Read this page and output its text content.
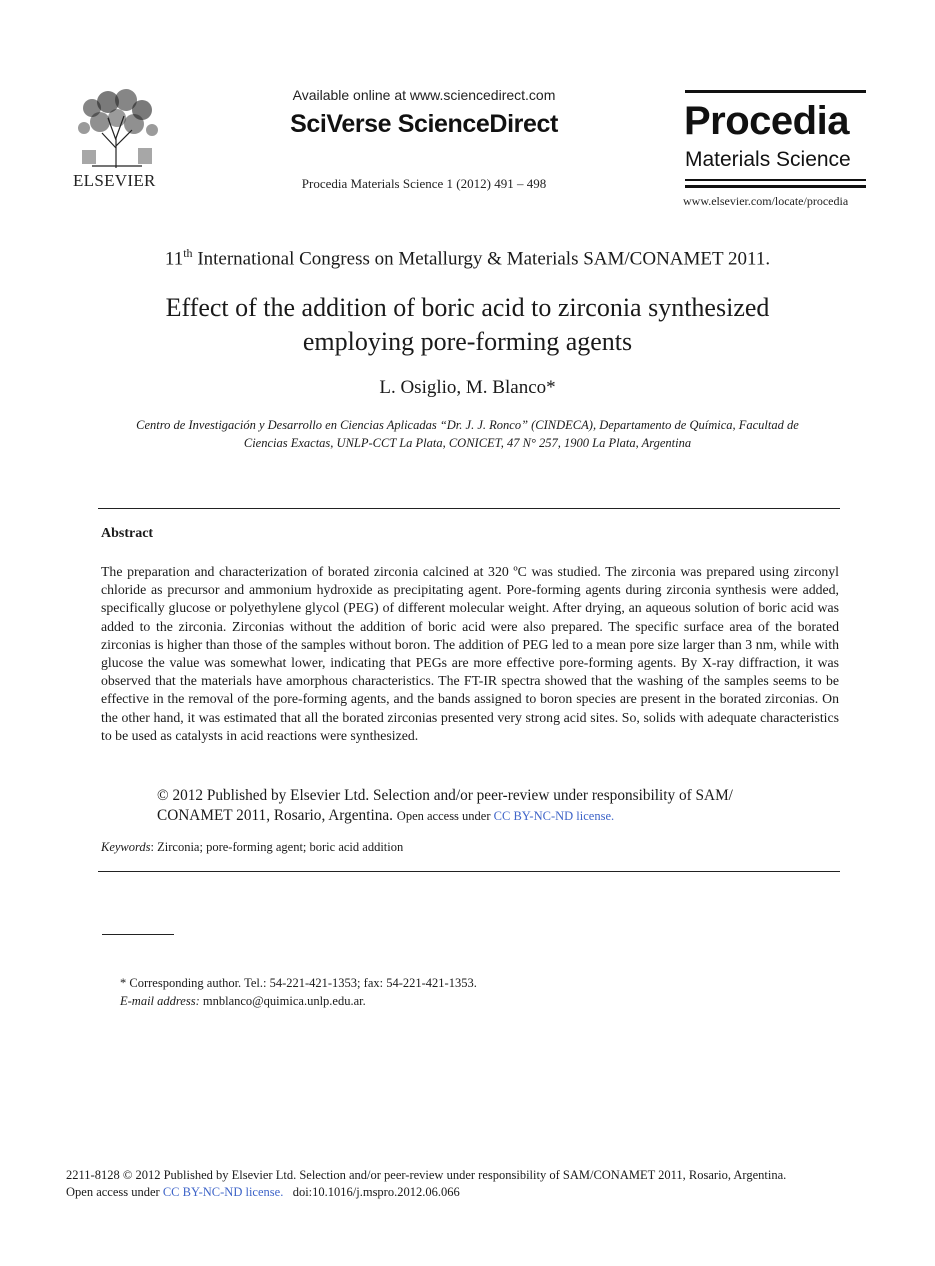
ELSEVIER
Available online at www.sciencedirect.com
SciVerse ScienceDirect
Procedia Materials Science 1 (2012) 491 – 498
Procedia
Materials Science
www.elsevier.com/locate/procedia
11th International Congress on Metallurgy & Materials SAM/CONAMET 2011.
Effect of the addition of boric acid to zirconia synthesized
employing pore-forming agents
L. Osiglio, M. Blanco*
Centro de Investigación y Desarrollo en Ciencias Aplicadas “Dr. J. J. Ronco” (CINDECA), Departamento de Química, Facultad de
Ciencias Exactas, UNLP-CCT La Plata, CONICET, 47 N° 257, 1900 La Plata, Argentina
Abstract
The preparation and characterization of borated zirconia calcined at 320 ºC was studied. The zirconia was prepared using zirconyl chloride as precursor and ammonium hydroxide as precipitating agent. Pore-forming agents during zirconia synthesis were added, specifically glucose or polyethylene glycol (PEG) of different molecular weight. After drying, an aqueous solution of boric acid was added to the zirconia. Zirconias without the addition of boric acid were also prepared. The specific surface area of the borated zirconias is higher than those of the samples without boron. The addition of PEG led to a mean pore size larger than 3 nm, while with glucose the value was somewhat lower, indicating that PEGs are more effective pore-forming agents. By X-ray diffraction, it was observed that the materials have amorphous characteristics. The FT-IR spectra showed that the washing of the samples seems to be effective in the removal of the pore-forming agents, and the bands assigned to boron species are present in the borated zirconias. On the other hand, it was estimated that all the borated zirconias presented very strong acid sites. So, solids with adequate characteristics to be used as catalysts in acid reactions were synthesized.
© 2012 Published by Elsevier Ltd. Selection and/or peer-review under responsibility of SAM/
CONAMET 2011, Rosario, Argentina. Open access under CC BY-NC-ND license.
Keywords: Zirconia; pore-forming agent; boric acid addition
* Corresponding author. Tel.: 54-221-421-1353; fax: 54-221-421-1353.
E-mail address: mnblanco@quimica.unlp.edu.ar.
2211-8128 © 2012 Published by Elsevier Ltd. Selection and/or peer-review under responsibility of SAM/CONAMET 2011, Rosario, Argentina.
Open access under CC BY-NC-ND license. doi:10.1016/j.mspro.2012.06.066
